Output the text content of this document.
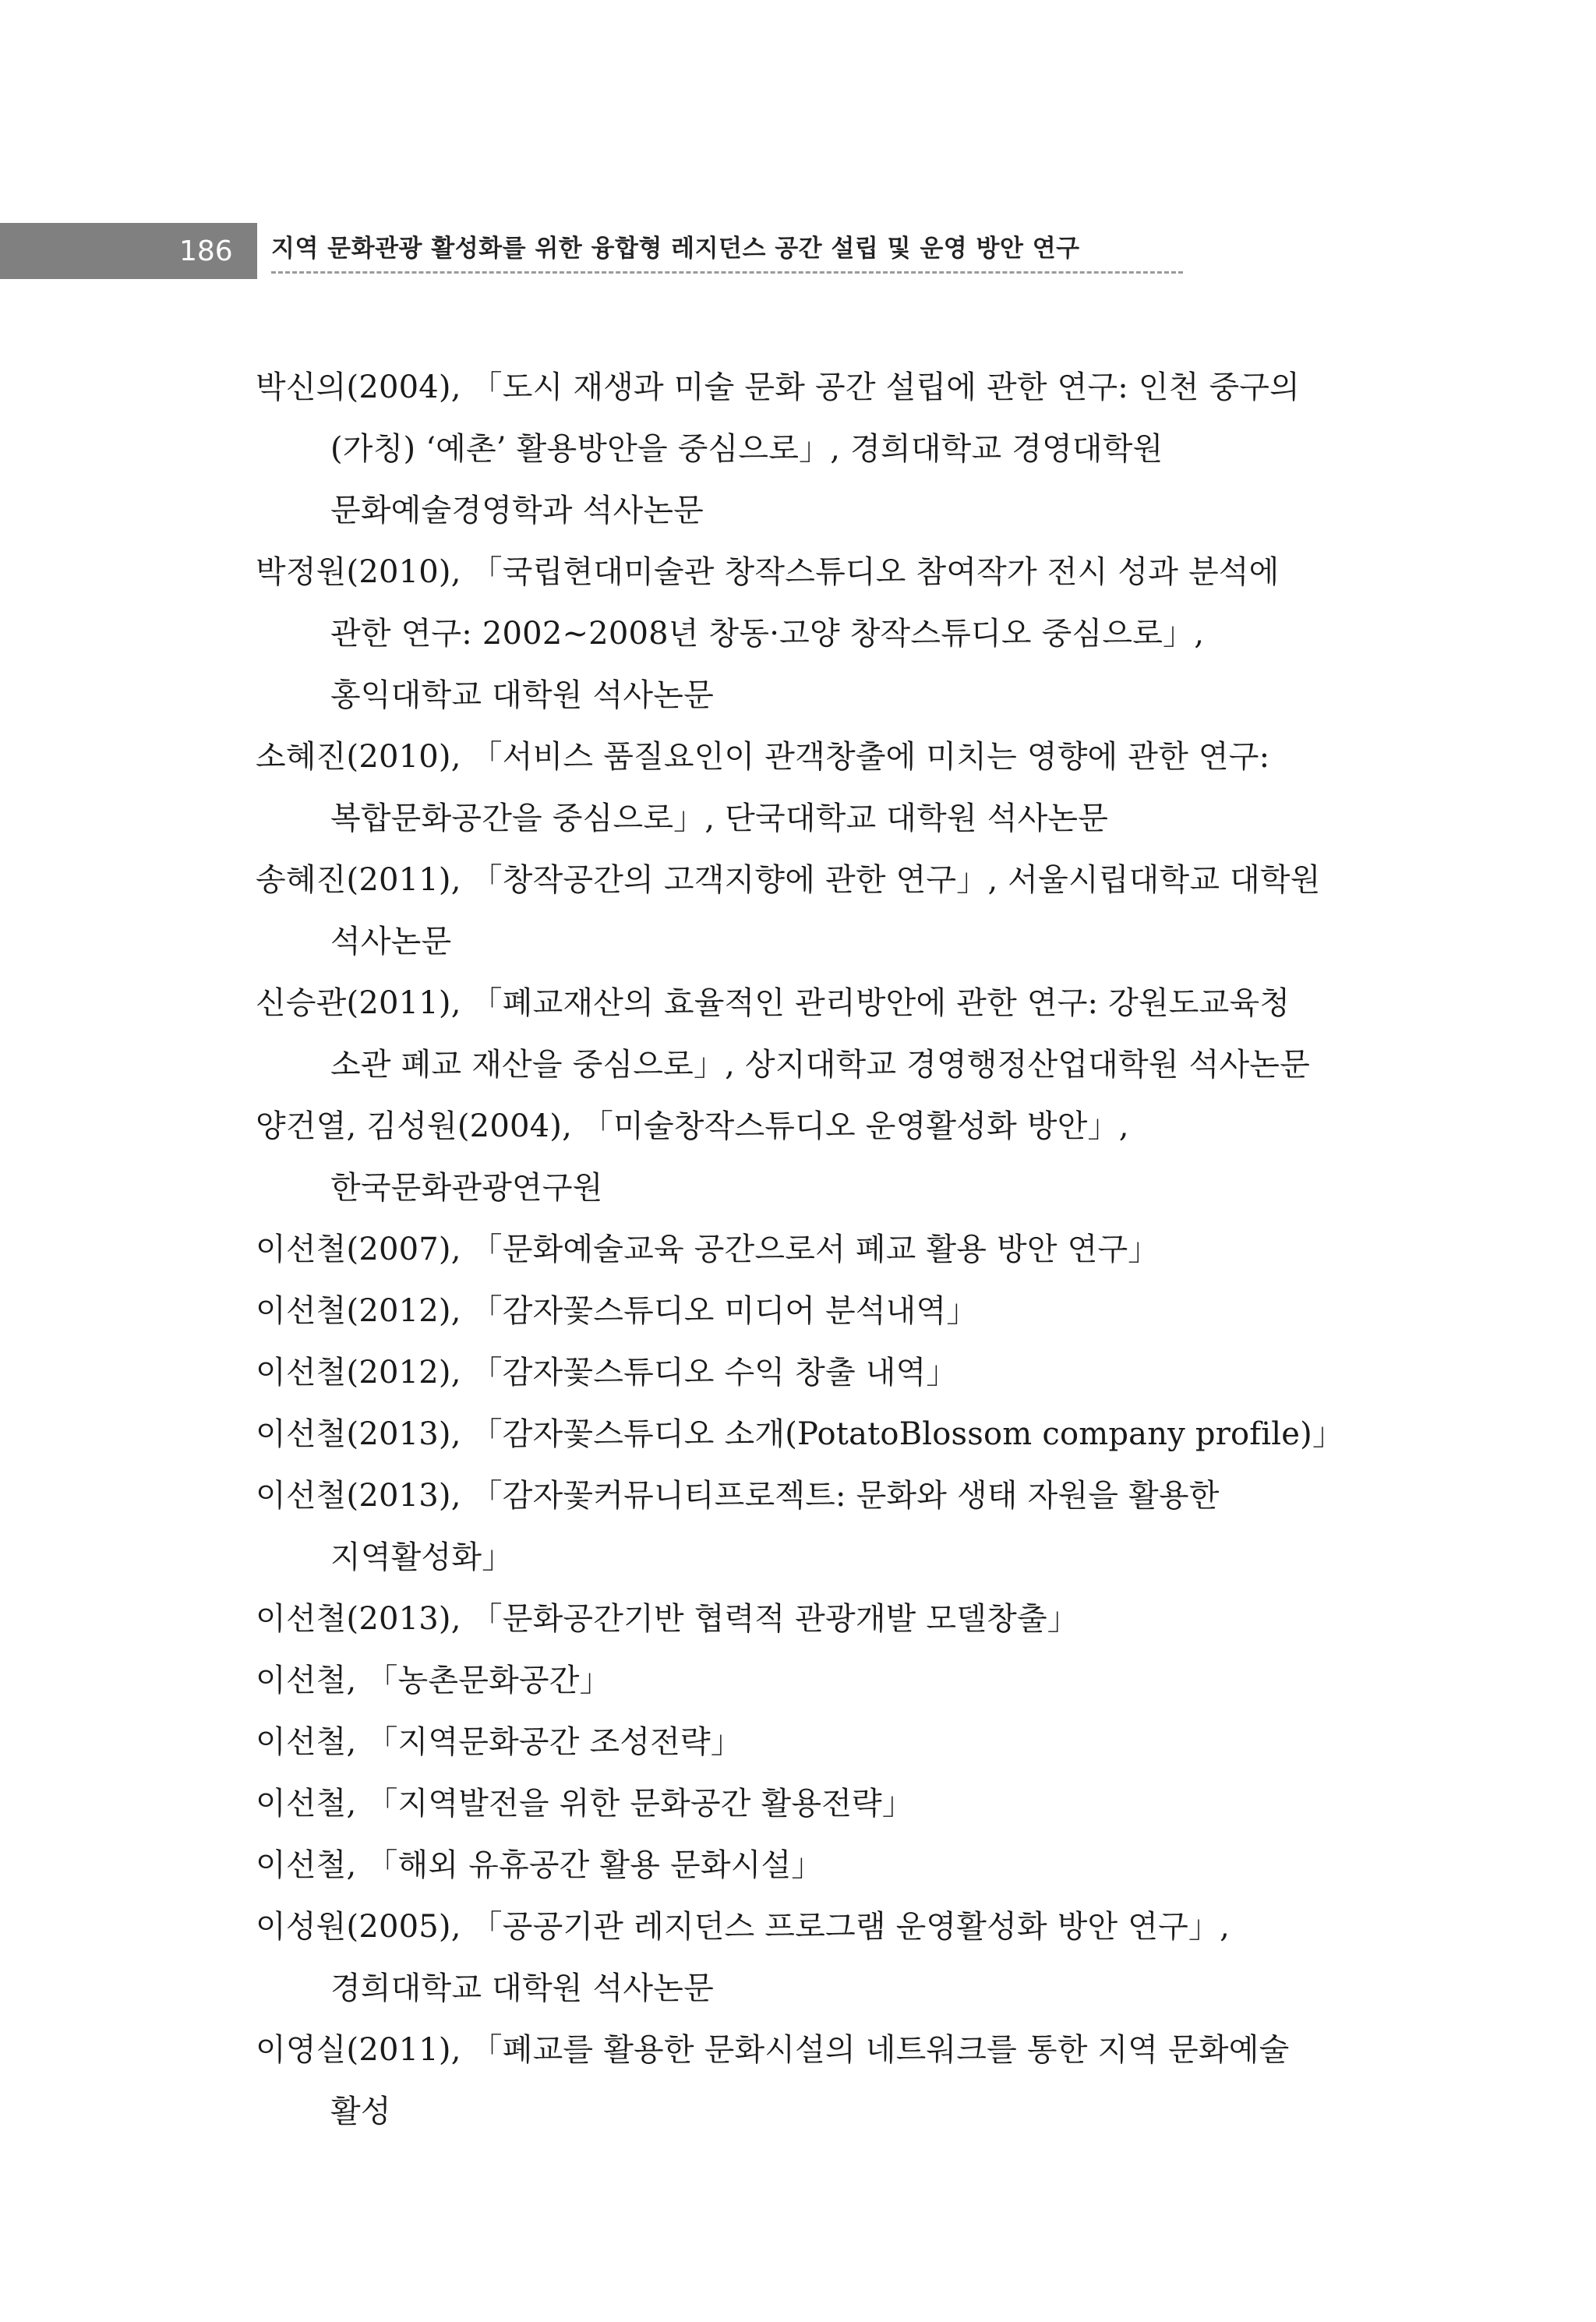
186 지역 문화관광 활성화를 위한 융합형 레지던스 공간 설립 및 운영 방안 연구
박신의(2004), 「도시 재생과 미술 문화 공간 설립에 관한 연구: 인천 중구의 (가칭) ‘예촌’ 활용방안을 중심으로」, 경희대학교 경영대학원 문화예술경영학과 석사논문
박정원(2010), 「국립현대미술관 창작스튜디오 참여작가 전시 성과 분석에 관한 연구: 2002~2008년 창동·고양 창작스튜디오 중심으로」, 홍익대학교 대학원 석사논문
소혜진(2010), 「서비스 품질요인이 관객창출에 미치는 영향에 관한 연구: 복합문화공간을 중심으로」, 단국대학교 대학원 석사논문
송혜진(2011), 「창작공간의 고객지향에 관한 연구」, 서울시립대학교 대학원 석사논문
신승관(2011), 「폐교재산의 효율적인 관리방안에 관한 연구: 강원도교육청 소관 폐교 재산을 중심으로」, 상지대학교 경영행정산업대학원 석사논문
양건열, 김성원(2004), 「미술창작스튜디오 운영활성화 방안」, 한국문화관광연구원
이선철(2007), 「문화예술교육 공간으로서 폐교 활용 방안 연구」
이선철(2012), 「감자꽃스튜디오 미디어 분석내역」
이선철(2012), 「감자꽃스튜디오 수익 창출 내역」
이선철(2013), 「감자꽃스튜디오 소개(PotatoBlossom company profile)」
이선철(2013), 「감자꽃커뮤니티프로젝트: 문화와 생태 자원을 활용한 지역활성화」
이선철(2013), 「문화공간기반 협력적 관광개발 모델창출」
이선철, 「농촌문화공간」
이선철, 「지역문화공간 조성전략」
이선철, 「지역발전을 위한 문화공간 활용전략」
이선철, 「해외 유휴공간 활용 문화시설」
이성원(2005), 「공공기관 레지던스 프로그램 운영활성화 방안 연구」, 경희대학교 대학원 석사논문
이영실(2011), 「폐교를 활용한 문화시설의 네트워크를 통한 지역 문화예술 활성
